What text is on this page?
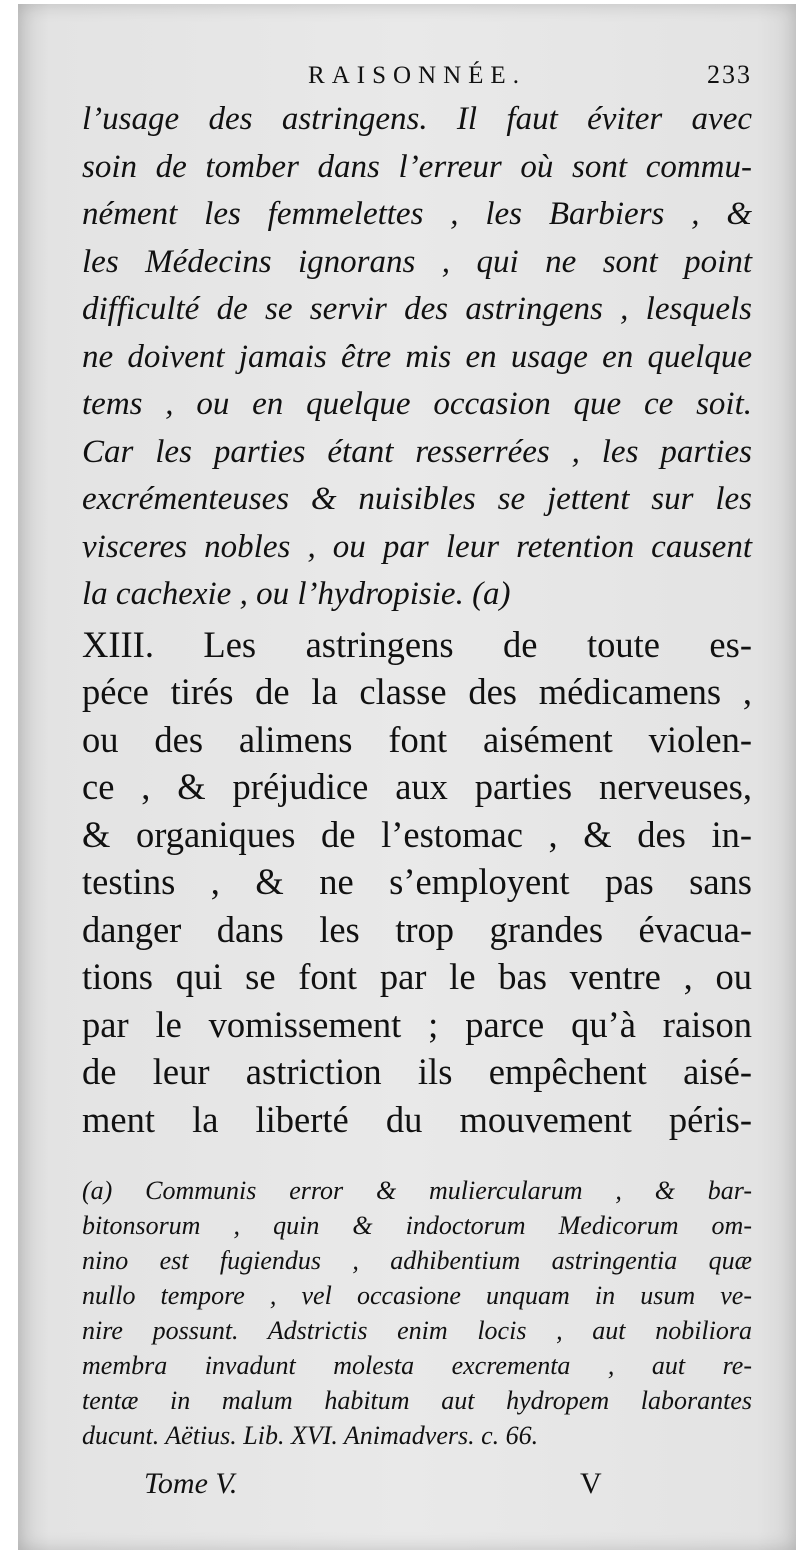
RAISONNÉE.	233
l’usage des astringens. Il faut éviter avec
soin de tomber dans l’erreur où sont commu-
nément les femmelettes , les Barbiers , &
les Médecins ignorans , qui ne sont point
difficulté de se servir des astringens , lesquels
ne doivent jamais être mis en usage en quelque
tems , ou en quelque occasion que ce soit.
Car les parties étant resserrées , les parties
excrémenteuses & nuisibles se jettent sur les
visceres nobles , ou par leur retention causent
la cachexie , ou l’hydropisie. (a)
XIII. Les astringens de toute es-
péce tirés de la classe des médicamens ,
ou des alimens font aisément violen-
ce , & préjudice aux parties nerveuses,
& organiques de l’estomac , & des in-
testins , & ne s’employent pas sans
danger dans les trop grandes évacua-
tions qui se font par le bas ventre , ou
par le vomissement ; parce qu’à raison
de leur astriction ils empêchent aisé-
ment la liberté du mouvement péris-
(a) Communis error & muliercularum , & bar-
bitonsorum , quin & indoctorum Medicorum om-
nino est fugiendus , adhibentium astringentia quæ
nullo tempore , vel occasione unquam in usum ve-
nire possunt. Adstrictis enim locis , aut nobiliora
membra invadunt molesta excrementa , aut re-
tentæ in malum habitum aut hydropem laborantes
ducunt. Aëtius. Lib. XVI. Animadvers. c. 66.
Tome V.	V
